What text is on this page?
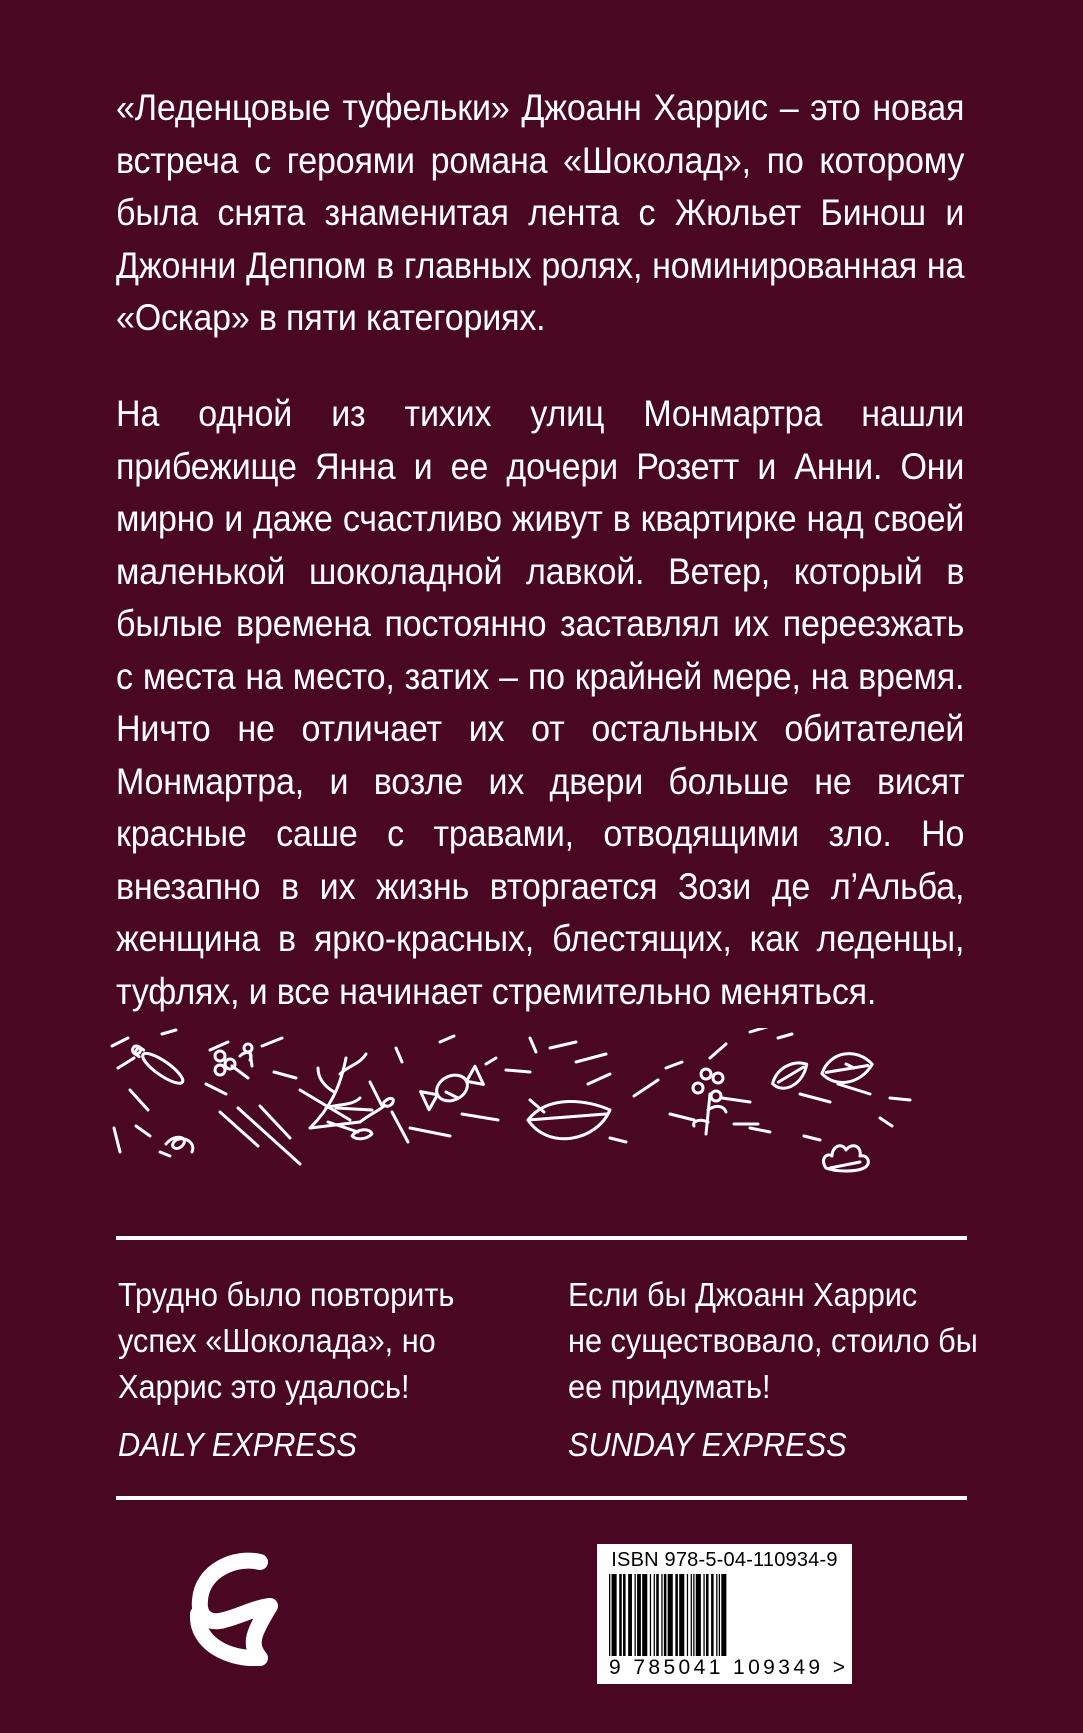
«Леденцовые туфельки» Джоанн Харрис – это новая встреча с героями романа «Шоколад», по которому была снята знаменитая лента с Жюльет Бинош и Джонни Деппом в главных ролях, номинированная на «Оскар» в пяти категориях.
На одной из тихих улиц Монмартра нашли прибежище Янна и ее дочери Розетт и Анни. Они мирно и даже счастливо живут в квартирке над своей маленькой шоколадной лавкой. Ветер, который в былые времена постоянно заставлял их переезжать с места на место, затих – по крайней мере, на время. Ничто не отличает их от остальных обитателей Монмартра, и возле их двери больше не висят красные саше с травами, отводящими зло. Но внезапно в их жизнь вторгается Зози де л’Альба, женщина в ярко-красных, блестящих, как леденцы, туфлях, и все начинает стремительно меняться.
Трудно было повторить
успех «Шоколада», но
Харрис это удалось!
DAILY EXPRESS
Если бы Джоанн Харрис
не существовало, стоило бы
ее придумать!
SUNDAY EXPRESS
ISBN 978-5-04-110934-9
9 785041 109349 >
